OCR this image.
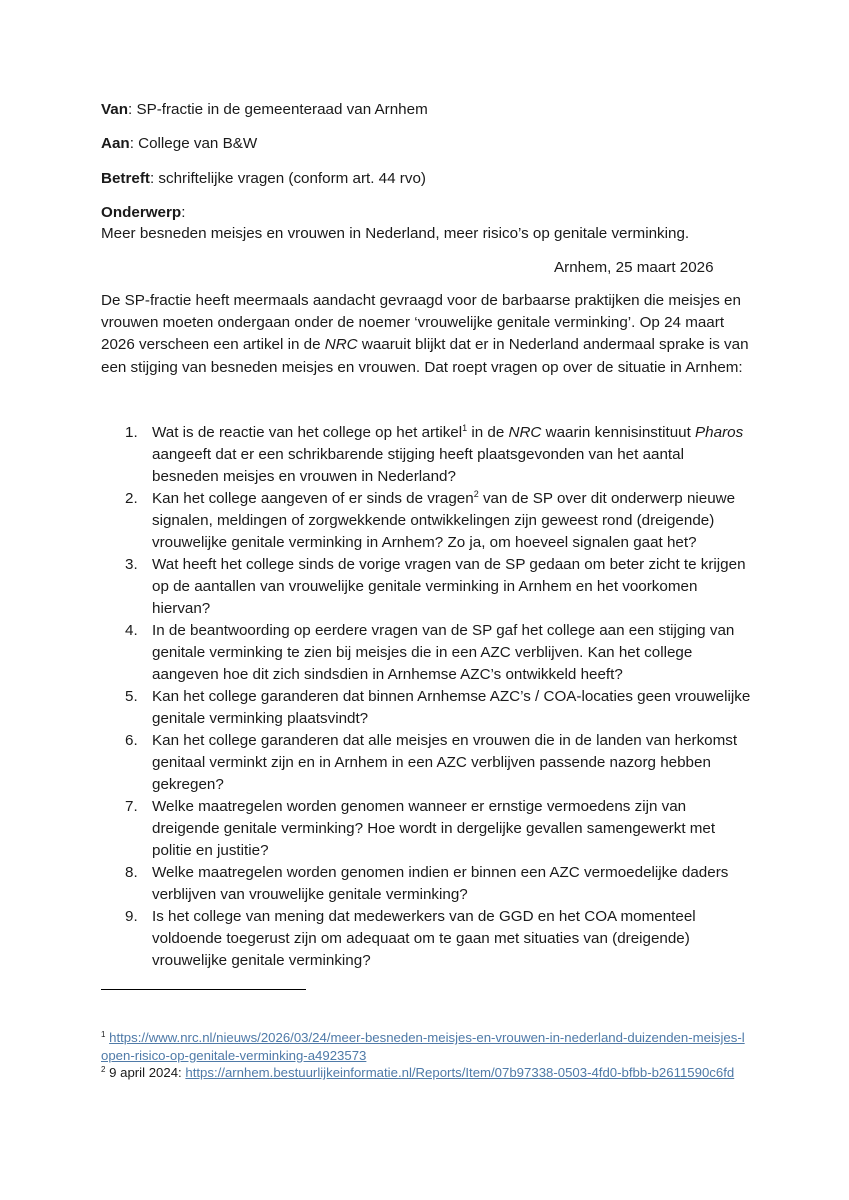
Van: SP-fractie in de gemeenteraad van Arnhem
Aan: College van B&W
Betreft: schriftelijke vragen (conform art. 44 rvo)
Onderwerp:
Meer besneden meisjes en vrouwen in Nederland, meer risico’s op genitale verminking.
Arnhem, 25 maart 2026

De SP-fractie heeft meermaals aandacht gevraagd voor de barbaarse praktijken die meisjes en vrouwen moeten ondergaan onder de noemer ‘vrouwelijke genitale verminking’. Op 24 maart 2026 verscheen een artikel in de NRC waaruit blijkt dat er in Nederland andermaal sprake is van een stijging van besneden meisjes en vrouwen. Dat roept vragen op over de situatie in Arnhem:

1. Wat is de reactie van het college op het artikel$^1$ in de NRC waarin kennisinstituut Pharos aangeeft dat er een schrikbarende stijging heeft plaatsgevonden van het aantal besneden meisjes en vrouwen in Nederland?
2. Kan het college aangeven of er sinds de vragen$^2$ van de SP over dit onderwerp nieuwe signalen, meldingen of zorgwekkende ontwikkelingen zijn geweest rond (dreigende) vrouwelijke genitale verminking in Arnhem? Zo ja, om hoeveel signalen gaat het?
3. Wat heeft het college sinds de vorige vragen van de SP gedaan om beter zicht te krijgen op de aantallen van vrouwelijke genitale verminking in Arnhem en het voorkomen hiervan?
4. In de beantwoording op eerdere vragen van de SP gaf het college aan een stijging van genitale verminking te zien bij meisjes die in een AZC verblijven. Kan het college aangeven hoe dit zich sindsdien in Arnhemse AZC’s ontwikkeld heeft?
5. Kan het college garanderen dat binnen Arnhemse AZC’s / COA-locaties geen vrouwelijke genitale verminking plaatsvindt?
6. Kan het college garanderen dat alle meisjes en vrouwen die in de landen van herkomst genitaal verminkt zijn en in Arnhem in een AZC verblijven passende nazorg hebben gekregen?
7. Welke maatregelen worden genomen wanneer er ernstige vermoedens zijn van dreigende genitale verminking? Hoe wordt in dergelijke gevallen samengewerkt met politie en justitie?
8. Welke maatregelen worden genomen indien er binnen een AZC vermoedelijke daders verblijven van vrouwelijke genitale verminking?
9. Is het college van mening dat medewerkers van de GGD en het COA momenteel voldoende toegerust zijn om adequaat om te gaan met situaties van (dreigende) vrouwelijke genitale verminking?

$^1$ https://www.nrc.nl/nieuws/2026/03/24/meer-besneden-meisjes-en-vrouwen-in-nederland-duizenden-meisjes-lopen-risico-op-genitale-verminking-a4923573

$^2$ 9 april 2024: https://arnhem.bestuurlijkeinformatie.nl/Reports/Item/07b97338-0503-4fd0-bfbb-b2611590c6fd
